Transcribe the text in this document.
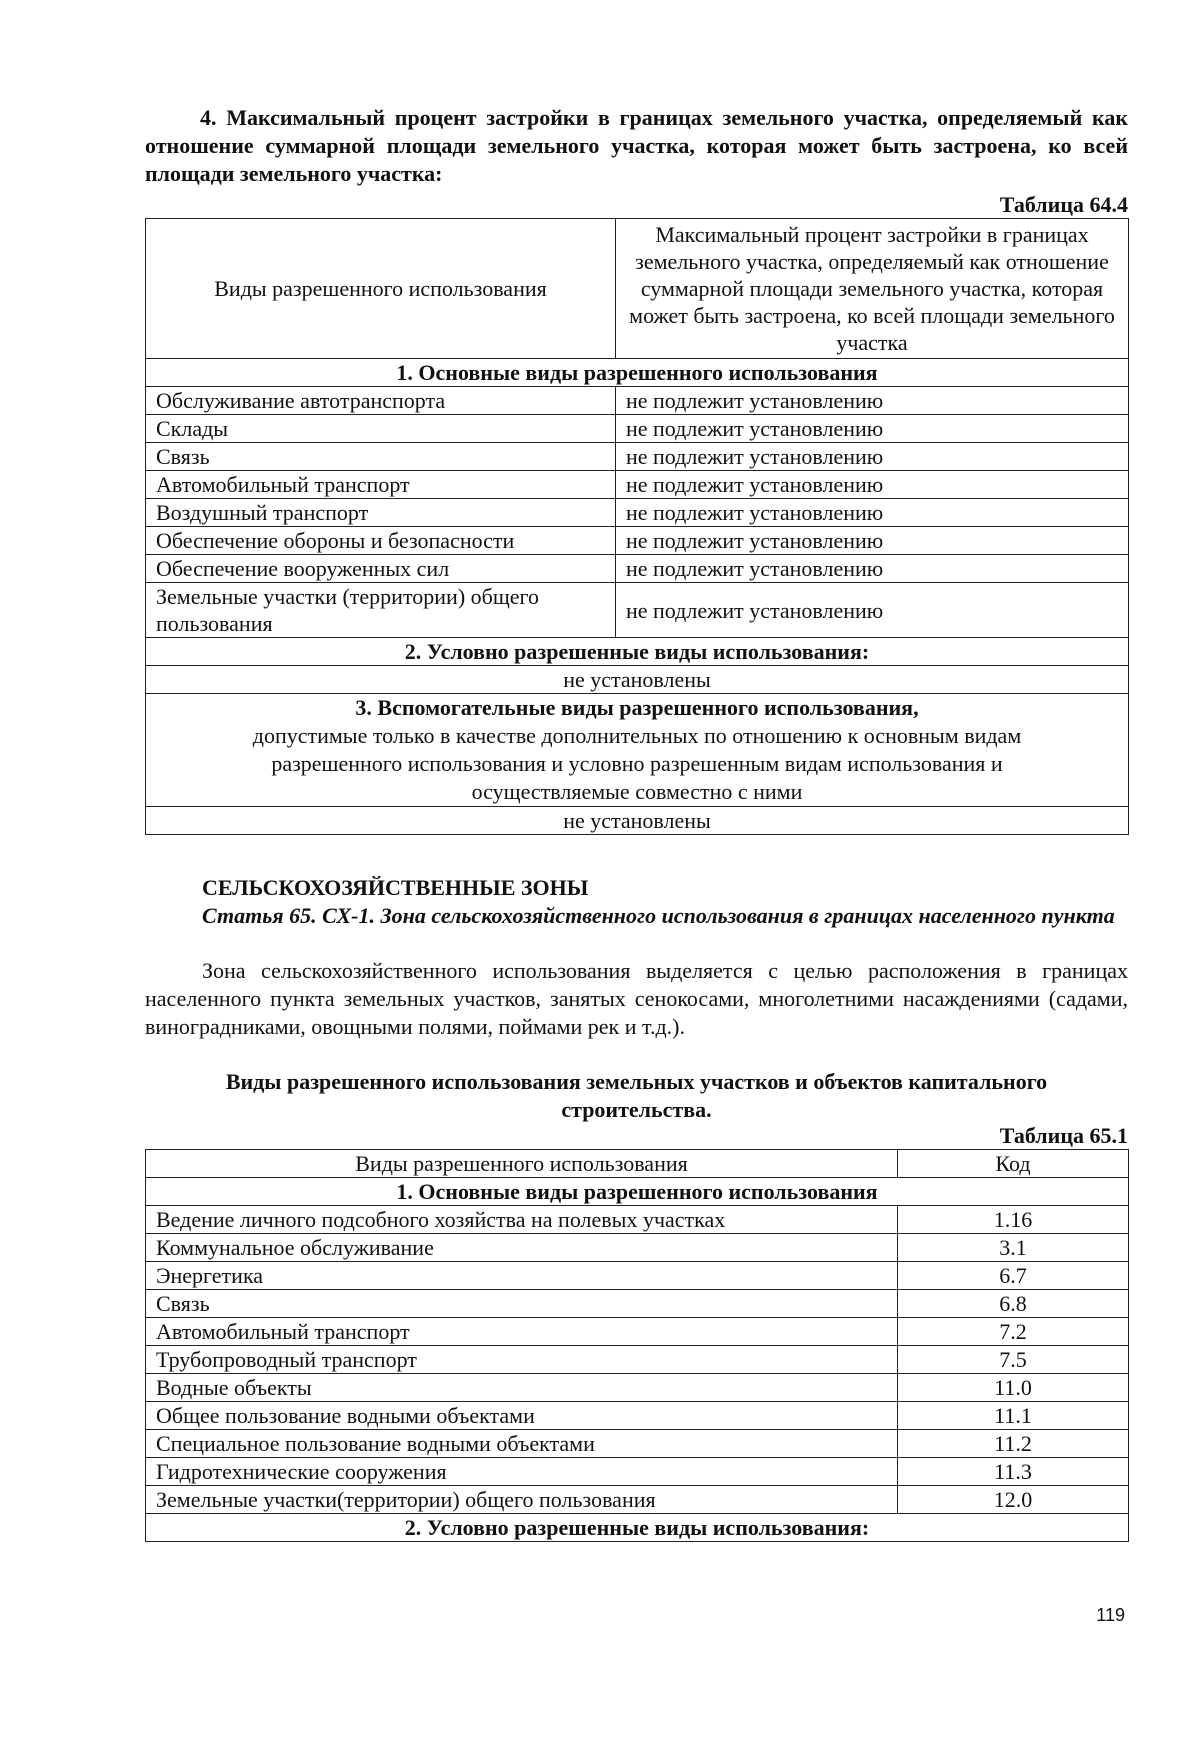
4. Максимальный процент застройки в границах земельного участка, определяемый как отношение суммарной площади земельного участка, которая может быть застроена, ко всей площади земельного участка:

Таблица 64.4
Виды разрешенного использования	Максимальный процент застройки в границах земельного участка, определяемый как отношение суммарной площади земельного участка, которая может быть застроена, ко всей площади земельного участка
1. Основные виды разрешенного использования	
Обслуживание автотранспорта	не подлежит установлению
Склады	не подлежит установлению
Связь	не подлежит установлению
Автомобильный транспорт	не подлежит установлению
Воздушный транспорт	не подлежит установлению
Обеспечение обороны и безопасности	не подлежит установлению
Обеспечение вооруженных сил	не подлежит установлению
Земельные участки (территории) общего пользования	не подлежит установлению
2. Условно разрешенные виды использования:	
не установлены	

3. Вспомогательные виды разрешенного использования,
допустимые только в качестве дополнительных по отношению к основным видам разрешенного использования и условно разрешенным видам использования и осуществляемые совместно с ними	

не установлены	
СЕЛЬСКОХОЗЯЙСТВЕННЫЕ ЗОНЫ

Статья 65. СХ-1. Зона сельскохозяйственного использования в границах населенного пункта

Зона сельскохозяйственного использования выделяется с целью расположения в границах населенного пункта земельных участков, занятых сенокосами, многолетними насаждениями (садами, виноградниками, овощными полями, поймами рек и т.д.).

Виды разрешенного использования земельных участков и объектов капитального строительства.
Таблица 65.1
Виды разрешенного использования	Код
1. Основные виды разрешенного использования	
Ведение личного подсобного хозяйства на полевых участках	1.16
Коммунальное обслуживание	3.1
Энергетика	6.7
Связь	6.8
Автомобильный транспорт	7.2
Трубопроводный транспорт	7.5
Водные объекты	11.0
Общее пользование водными объектами	11.1
Специальное пользование водными объектами	11.2
Гидротехнические сооружения	11.3
Земельные участки(территории) общего пользования	12.0
2. Условно разрешенные виды использования:	
119
